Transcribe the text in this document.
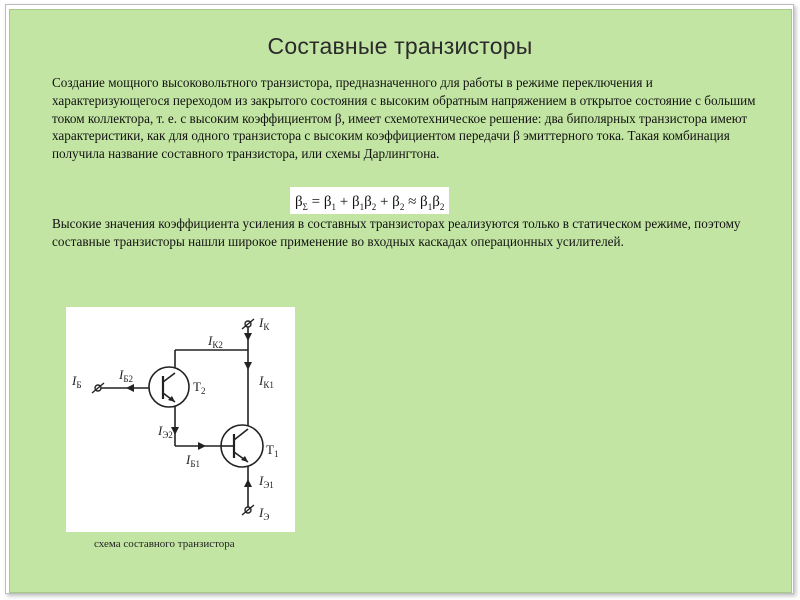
Составные транзисторы
Создание мощного высоковольтного транзистора, предназначенного для работы в режиме переключения и характеризующегося переходом из закрытого состояния с высоким обратным напряжением в открытое состояние с большим током коллектора, т. е. с высоким коэффициентом β, имеет схемотехническое решение: два биполярных транзистора имеют характеристики, как для одного транзистора с высоким коэффициентом передачи β эмиттерного тока. Такая комбинация получила название составного транзистора, или схемы Дарлингтона.
$\beta_\Sigma = \beta_1 + \beta_1\beta_2 + \beta_2 \approx \beta_1\beta_2$
Высокие значения коэффициента усиления в составных транзисторах реализуются только в статическом режиме, поэтому составные транзисторы нашли широкое применение во входных каскадах операционных усилителей.
$I_К$
$I_{К2}$
$I_{К1}$
$I_Б$
$I_{Б2}$	$T_2$
$I_{Э2}$
$I_{Б1}$
$T_1$
$I_{Э1}$
$I_Э$
схема составного транзистора
